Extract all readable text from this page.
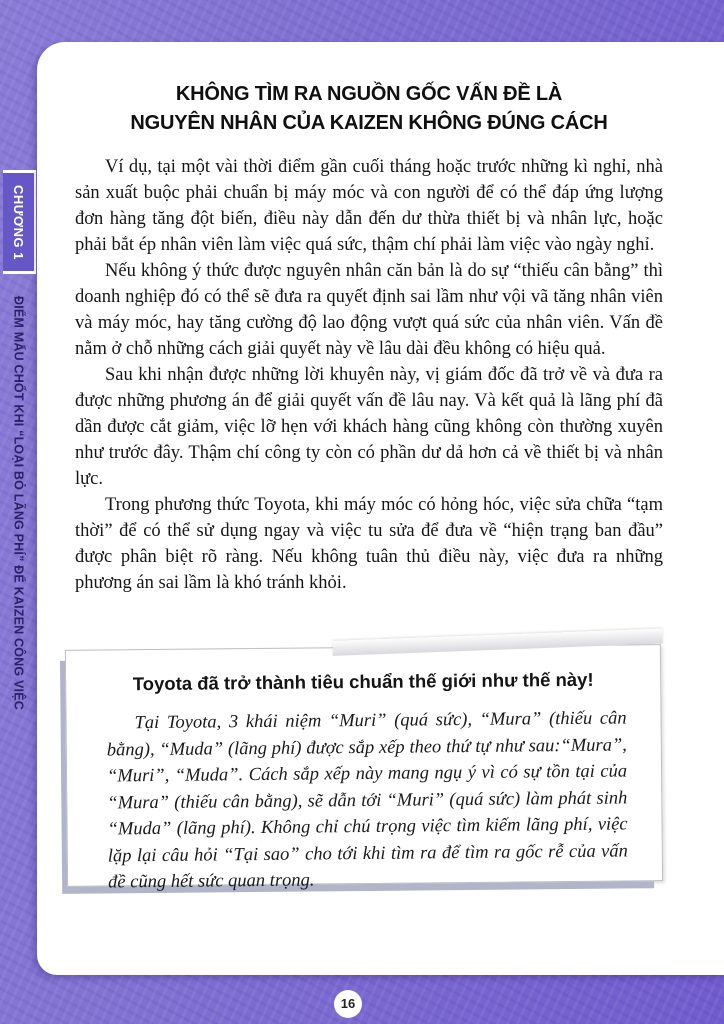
KHÔNG TÌM RA NGUỒN GỐC VẤN ĐỀ LÀ
NGUYÊN NHÂN CỦA KAIZEN KHÔNG ĐÚNG CÁCH

Ví dụ, tại một vài thời điểm gần cuối tháng hoặc trước những kì nghỉ, nhà sản xuất buộc phải chuẩn bị máy móc và con người để có thể đáp ứng lượng đơn hàng tăng đột biến, điều này dẫn đến dư thừa thiết bị và nhân lực, hoặc phải bắt ép nhân viên làm việc quá sức, thậm chí phải làm việc vào ngày nghỉ.

Nếu không ý thức được nguyên nhân căn bản là do sự “thiếu cân bằng” thì doanh nghiệp đó có thể sẽ đưa ra quyết định sai lầm như vội vã tăng nhân viên và máy móc, hay tăng cường độ lao động vượt quá sức của nhân viên. Vấn đề nằm ở chỗ những cách giải quyết này về lâu dài đều không có hiệu quả.

Sau khi nhận được những lời khuyên này, vị giám đốc đã trở về và đưa ra được những phương án để giải quyết vấn đề lâu nay. Và kết quả là lãng phí đã dần được cắt giảm, việc lỡ hẹn với khách hàng cũng không còn thường xuyên như trước đây. Thậm chí công ty còn có phần dư dả hơn cả về thiết bị và nhân lực.

Trong phương thức Toyota, khi máy móc có hỏng hóc, việc sửa chữa “tạm thời” để có thể sử dụng ngay và việc tu sửa để đưa về “hiện trạng ban đầu” được phân biệt rõ ràng. Nếu không tuân thủ điều này, việc đưa ra những phương án sai lầm là khó tránh khỏi.

CHƯƠNG 1
ĐIỂM MẤU CHỐT KHI “LOẠI BỎ LÃNG PHÍ” ĐỂ KAIZEN CÔNG VIỆC	Toyota đã trở thành tiêu chuẩn thế giới như thế này!

Tại Toyota, 3 khái niệm “Muri” (quá sức), “Mura” (thiếu cân bằng), “Muda” (lãng phí) được sắp xếp theo thứ tự như sau:“Mura”, “Muri”, “Muda”. Cách sắp xếp này mang ngụ ý vì có sự tồn tại của “Mura” (thiếu cân bằng), sẽ dẫn tới “Muri” (quá sức) làm phát sinh “Muda” (lãng phí). Không chỉ chú trọng việc tìm kiếm lãng phí, việc lặp lại câu hỏi “Tại sao” cho tới khi tìm ra để tìm ra gốc rễ của vấn đề cũng hết sức quan trọng.

16
